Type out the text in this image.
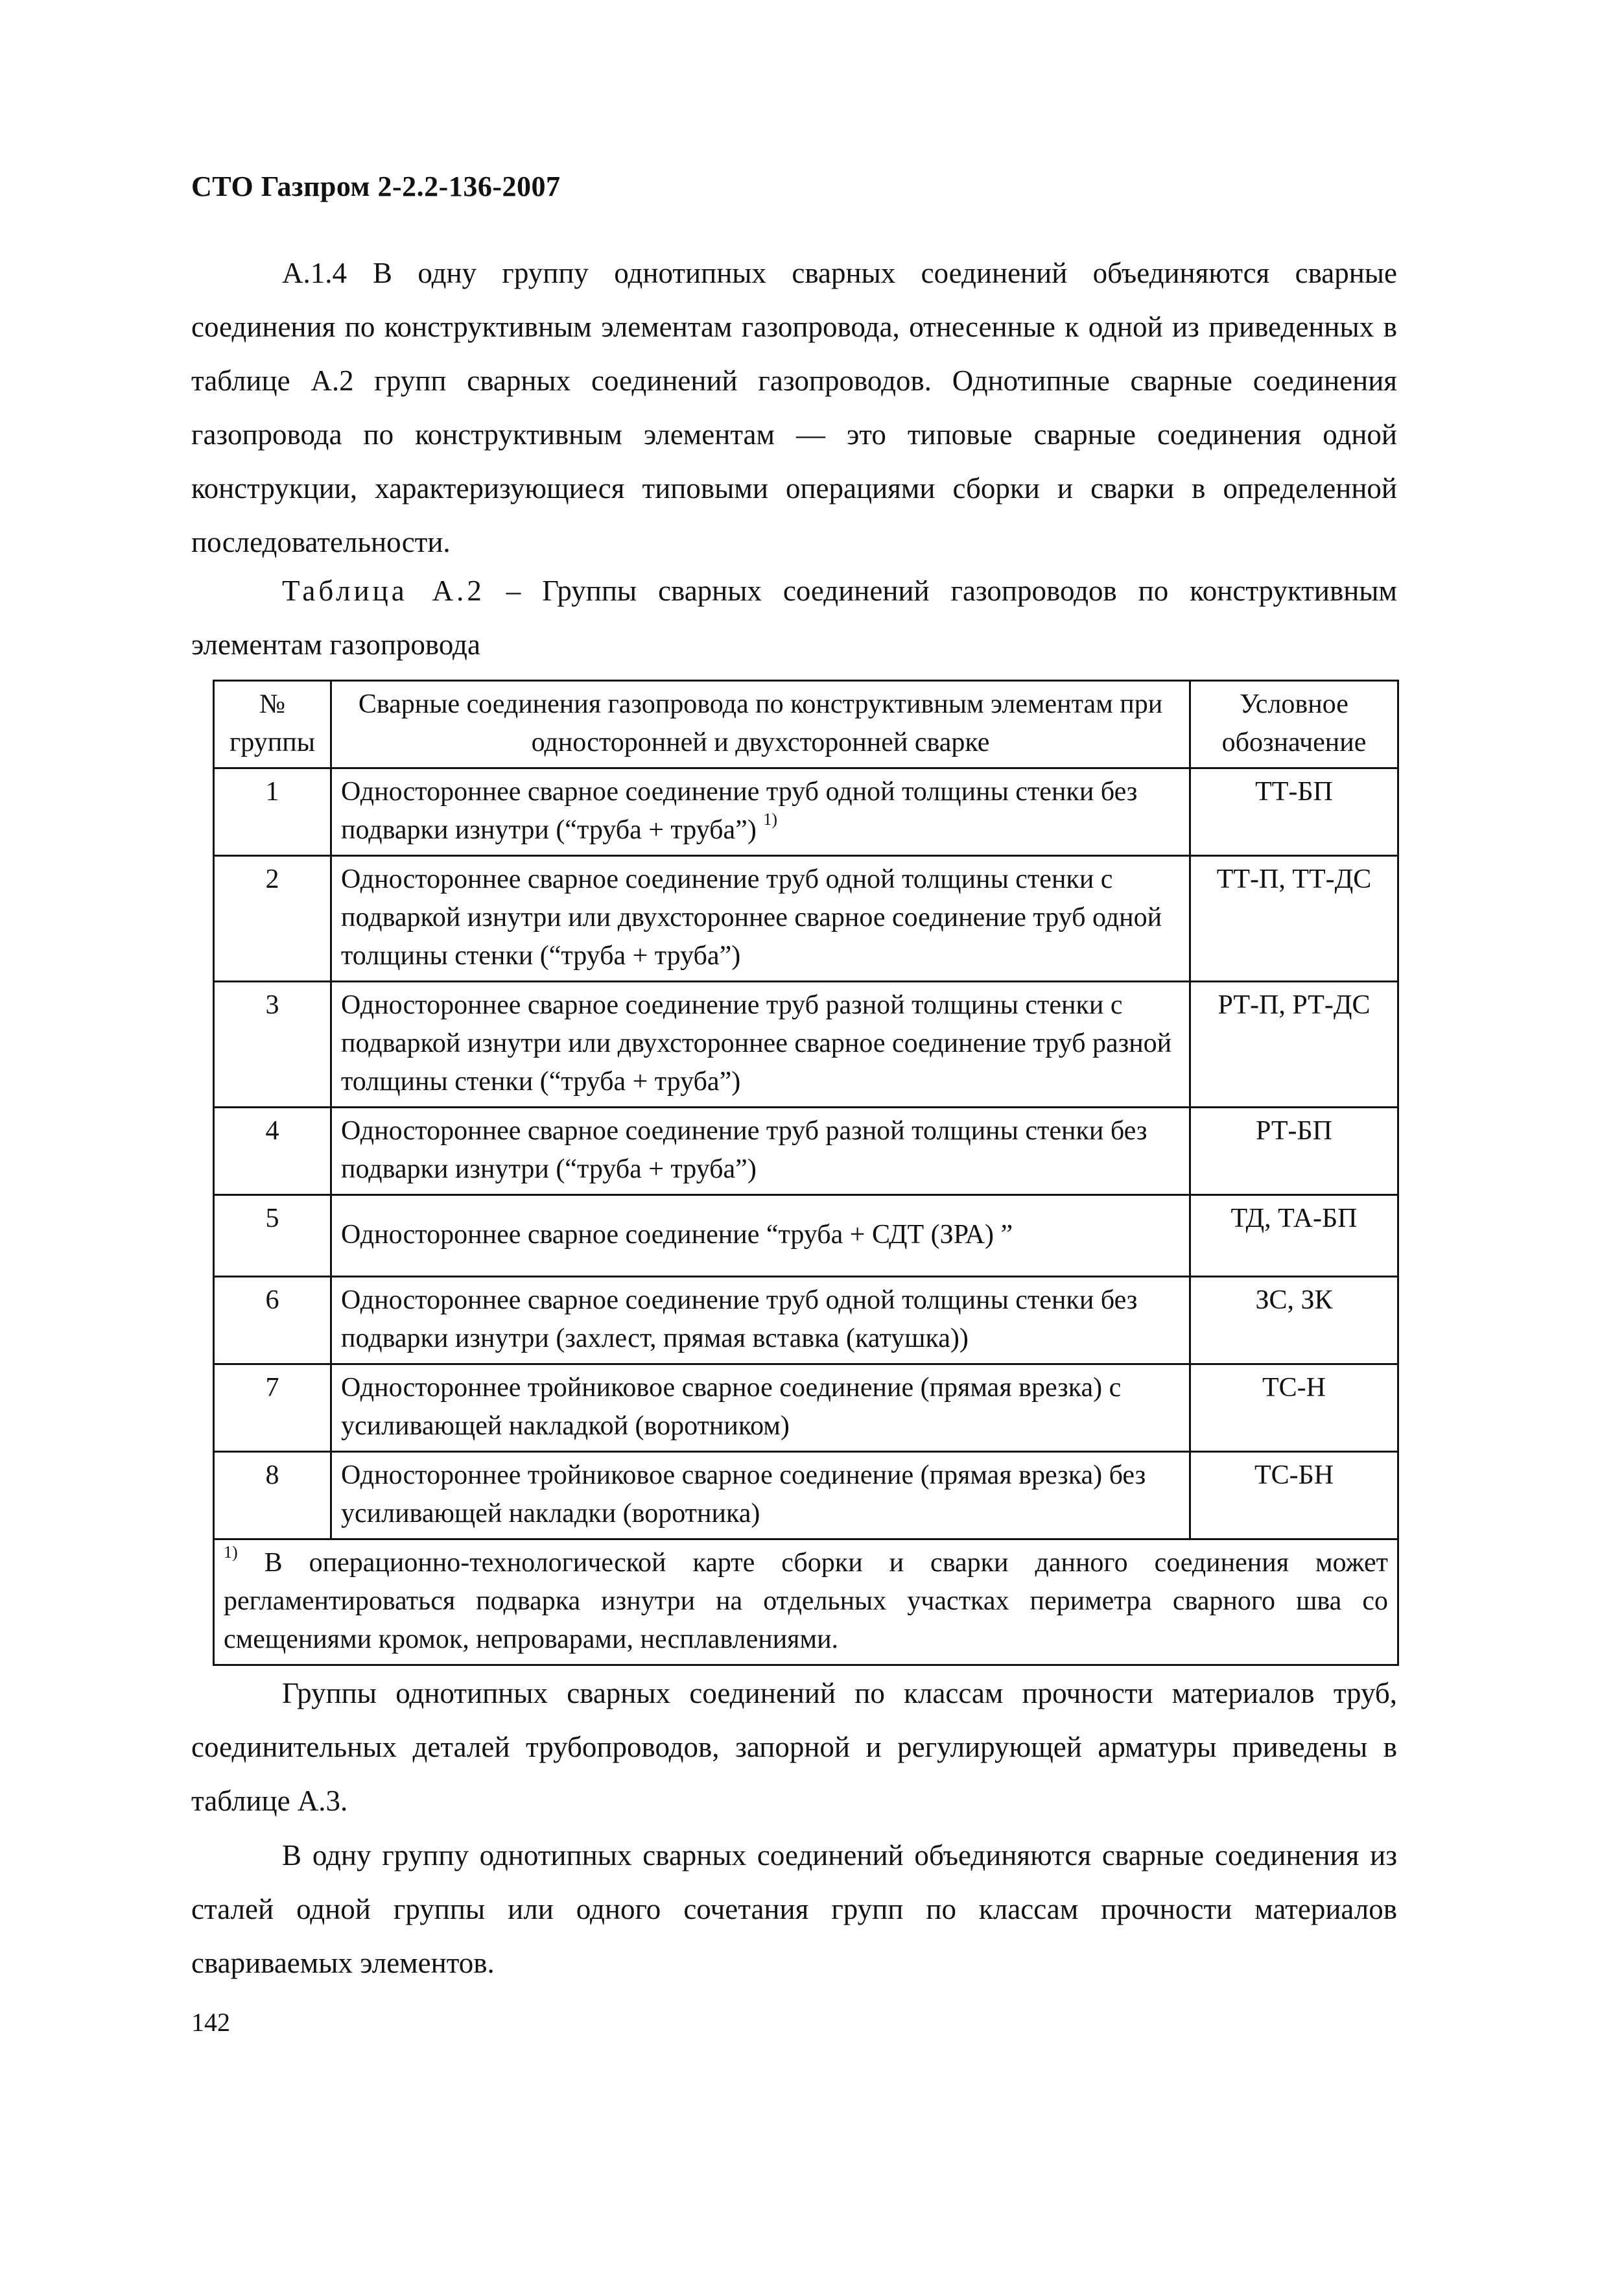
СТО Газпром 2-2.2-136-2007

А.1.4 В одну группу однотипных сварных соединений объединяются сварные соединения по конструктивным элементам газопровода, отнесенные к одной из приведенных в таблице А.2 групп сварных соединений газопроводов. Однотипные сварные соединения газопровода по конструктивным элементам — это типовые сварные соединения одной конструкции, характеризующиеся типовыми операциями сборки и сварки в определенной последовательности.

Таблица А.2 – Группы сварных соединений газопроводов по конструктивным элементам газопровода

№ группы	Сварные соединения газопровода по конструктивным элементам при односторонней и двухсторонней сварке	Условное обозначение
1	Одностороннее сварное соединение труб одной толщины стенки без подварки изнутри (“труба + труба”) $^{1)}$	ТТ-БП
2	Одностороннее сварное соединение труб одной толщины стенки с подваркой изнутри или двухстороннее сварное соединение труб одной толщины стенки (“труба + труба”)	ТТ-П, ТТ-ДС
3	Одностороннее сварное соединение труб разной толщины стенки с подваркой изнутри или двухстороннее сварное соединение труб разной толщины стенки (“труба + труба”)	РТ-П, РТ-ДС
4	Одностороннее сварное соединение труб разной толщины стенки без подварки изнутри (“труба + труба”)	РТ-БП
5	Одностороннее сварное соединение “труба + СДТ (ЗРА) ”	ТД, ТА-БП
6	Одностороннее сварное соединение труб одной толщины стенки без подварки изнутри (захлест, прямая вставка (катушка))	ЗС, ЗК
7	Одностороннее тройниковое сварное соединение (прямая врезка) с усиливающей накладкой (воротником)	ТС-Н
8	Одностороннее тройниковое сварное соединение (прямая врезка) без усиливающей накладки (воротника)	ТС-БН
$^{1)}$ В операционно-технологической карте сборки и сварки данного соединения может регламентироваться подварка изнутри на отдельных участках периметра сварного шва со смещениями кромок, непроварами, несплавлениями.		

Группы однотипных сварных соединений по классам прочности материалов труб, соединительных деталей трубопроводов, запорной и регулирующей арматуры приведены в таблице А.3.

В одну группу однотипных сварных соединений объединяются сварные соединения из сталей одной группы или одного сочетания групп по классам прочности материалов свариваемых элементов.

142
